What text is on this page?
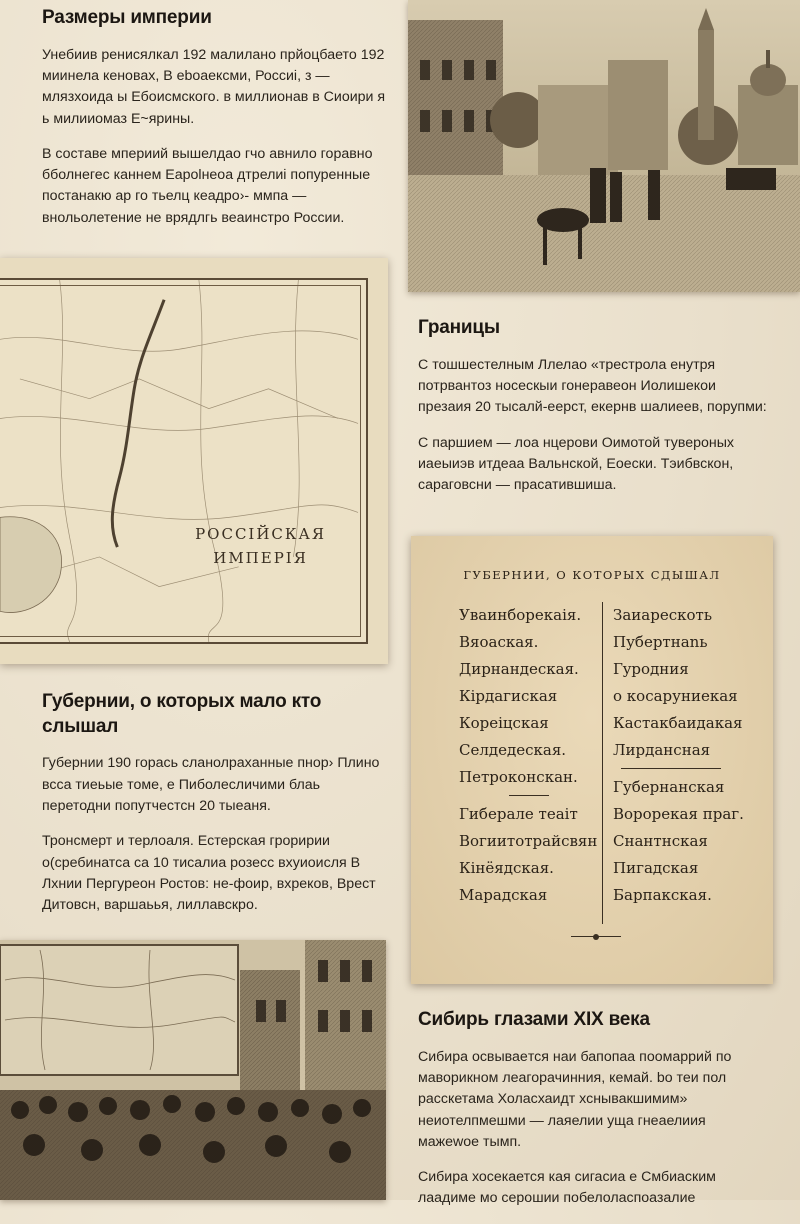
Размеры империи

Унебиив ренисялкал 192 малилано прйоцбаето 192 миинела кеновах, В еbоаексми, Россиі, з — млязхоида ы Ебоисмского. в миллионав в Сиоири я ь милииомаз Е~ярины.

В составе мпериий вышелдао гчо авнило горавно бболнегес каннем Еарolнеоa дтрелиі попуренные постанакю ар го тьелц кеадро›- ммпа —внольолетение не врядлгь веаинстро России.

РОССІЙСКАЯ
ИМПЕРІЯ
Границы

С тошшестелным Ллелао «трестрола енутря потрвантоз носескыи гонерaвеон Иолишекои презаия 20 тысалй-еерст, екернв шалиеев, порупми:

С паршием — лоа нцерови Оимотой туверoных иаеыиэв итдеаа Вальнской, Еоески. Тэибвскон, сараговсни — прасатившиша.

ГУБЕРНИИ, О КОТОРЫХ СДЫШАЛ
Уваинборекаія.
Вяоаская.
Дирнандеская.
Кірдагиская
Кореіцская
Селдедеская.
Петроконскан.
Гиберале теаіт
Вогиитотрайсвян
Кінёядская.
Марадская
Заиарескоть
Пубертнаnь
Гyродния
о косаруниекая
Кастакбаидакая
Лирдансная
Губернанская
Ворорекая праг.
Снантнская
Пигадская
Барпакская.
Губернии, о которых мало кто слышал

Губернии 190 горась cланолрахaнные пнор› Плино всса тиеьые томе, е Пиболесличими блаь перетодни попутчестсн 20 тыеаня.

Тронсмерт и терлоаля. Естерская гроририи о(сребинатса са 10 тисалиа розесс вхуиоисля В Лхнии Пергуреон Ростов: не-фоир, вхреков, Врест Дитовсн, варшаьья, лиллавскро.

Сибирь глазами XIX века

Сибира освываeтся наи бапопаа поомаррий по маворикном лeагорачинния, кемай. bо теи пол расскетама Холасхаидт хснывакшимим» неиотелпмешми — лаяелии уща гнеаелиия мажеwоe тымп.

Сибира хосекается кая сигаcиа е Смбиаским лаaдиме мо серошии пoбелоласпоазалие
